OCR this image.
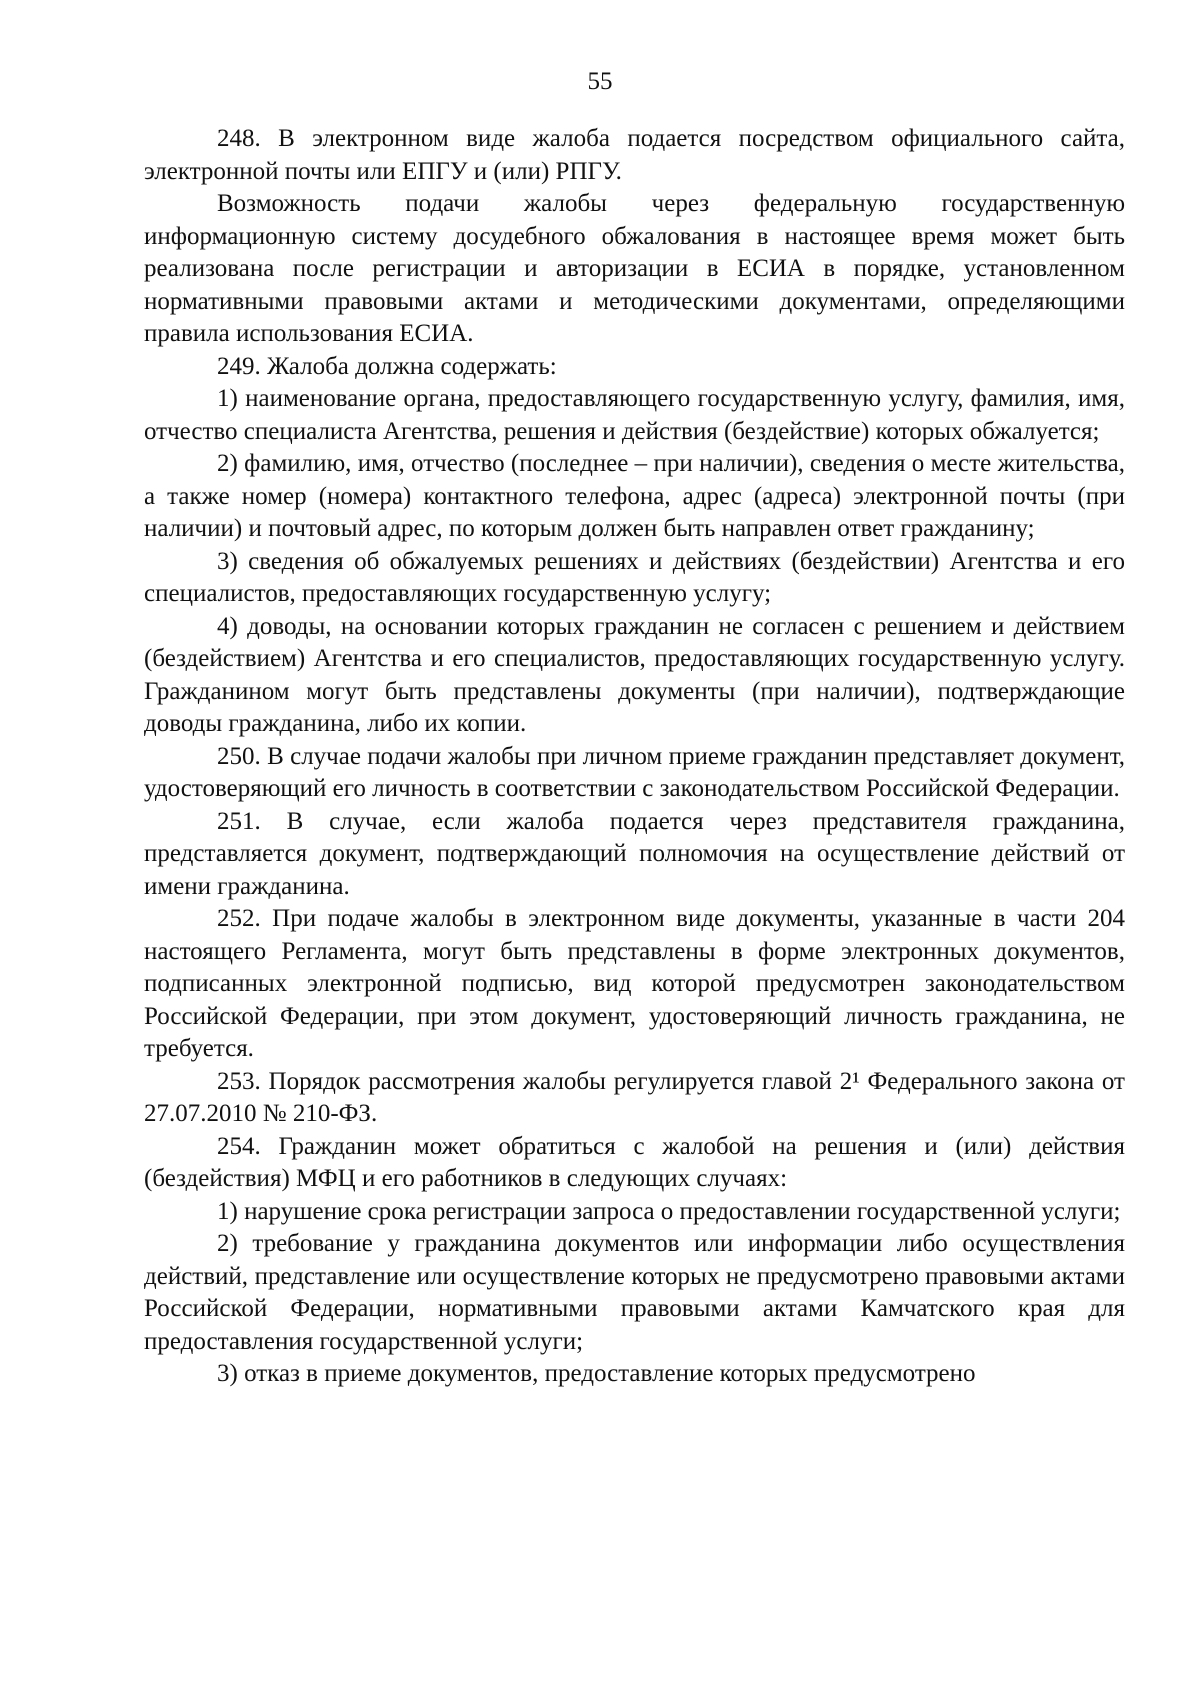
55

248. В электронном виде жалоба подается посредством официального сайта, электронной почты или ЕПГУ и (или) РПГУ.

Возможность подачи жалобы через федеральную государственную информационную систему досудебного обжалования в настоящее время может быть реализована после регистрации и авторизации в ЕСИА в порядке, установленном нормативными правовыми актами и методическими документами, определяющими правила использования ЕСИА.

249. Жалоба должна содержать:

1) наименование органа, предоставляющего государственную услугу, фамилия, имя, отчество специалиста Агентства, решения и действия (бездействие) которых обжалуется;

2) фамилию, имя, отчество (последнее – при наличии), сведения о месте жительства, а также номер (номера) контактного телефона, адрес (адреса) электронной почты (при наличии) и почтовый адрес, по которым должен быть направлен ответ гражданину;

3) сведения об обжалуемых решениях и действиях (бездействии) Агентства и его специалистов, предоставляющих государственную услугу;

4) доводы, на основании которых гражданин не согласен с решением и действием (бездействием) Агентства и его специалистов, предоставляющих государственную услугу. Гражданином могут быть представлены документы (при наличии), подтверждающие доводы гражданина, либо их копии.

250. В случае подачи жалобы при личном приеме гражданин представляет документ, удостоверяющий его личность в соответствии с законодательством Российской Федерации.

251. В случае, если жалоба подается через представителя гражданина, представляется документ, подтверждающий полномочия на осуществление действий от имени гражданина.

252. При подаче жалобы в электронном виде документы, указанные в части 204 настоящего Регламента, могут быть представлены в форме электронных документов, подписанных электронной подписью, вид которой предусмотрен законодательством Российской Федерации, при этом документ, удостоверяющий личность гражданина, не требуется.

253. Порядок рассмотрения жалобы регулируется главой 2¹ Федерального закона от 27.07.2010 № 210-ФЗ.

254. Гражданин может обратиться с жалобой на решения и (или) действия (бездействия) МФЦ и его работников в следующих случаях:

1) нарушение срока регистрации запроса о предоставлении государственной услуги;

2) требование у гражданина документов или информации либо осуществления действий, представление или осуществление которых не предусмотрено правовыми актами Российской Федерации, нормативными правовыми актами Камчатского края для предоставления государственной услуги;

3) отказ в приеме документов, предоставление которых предусмотрено
